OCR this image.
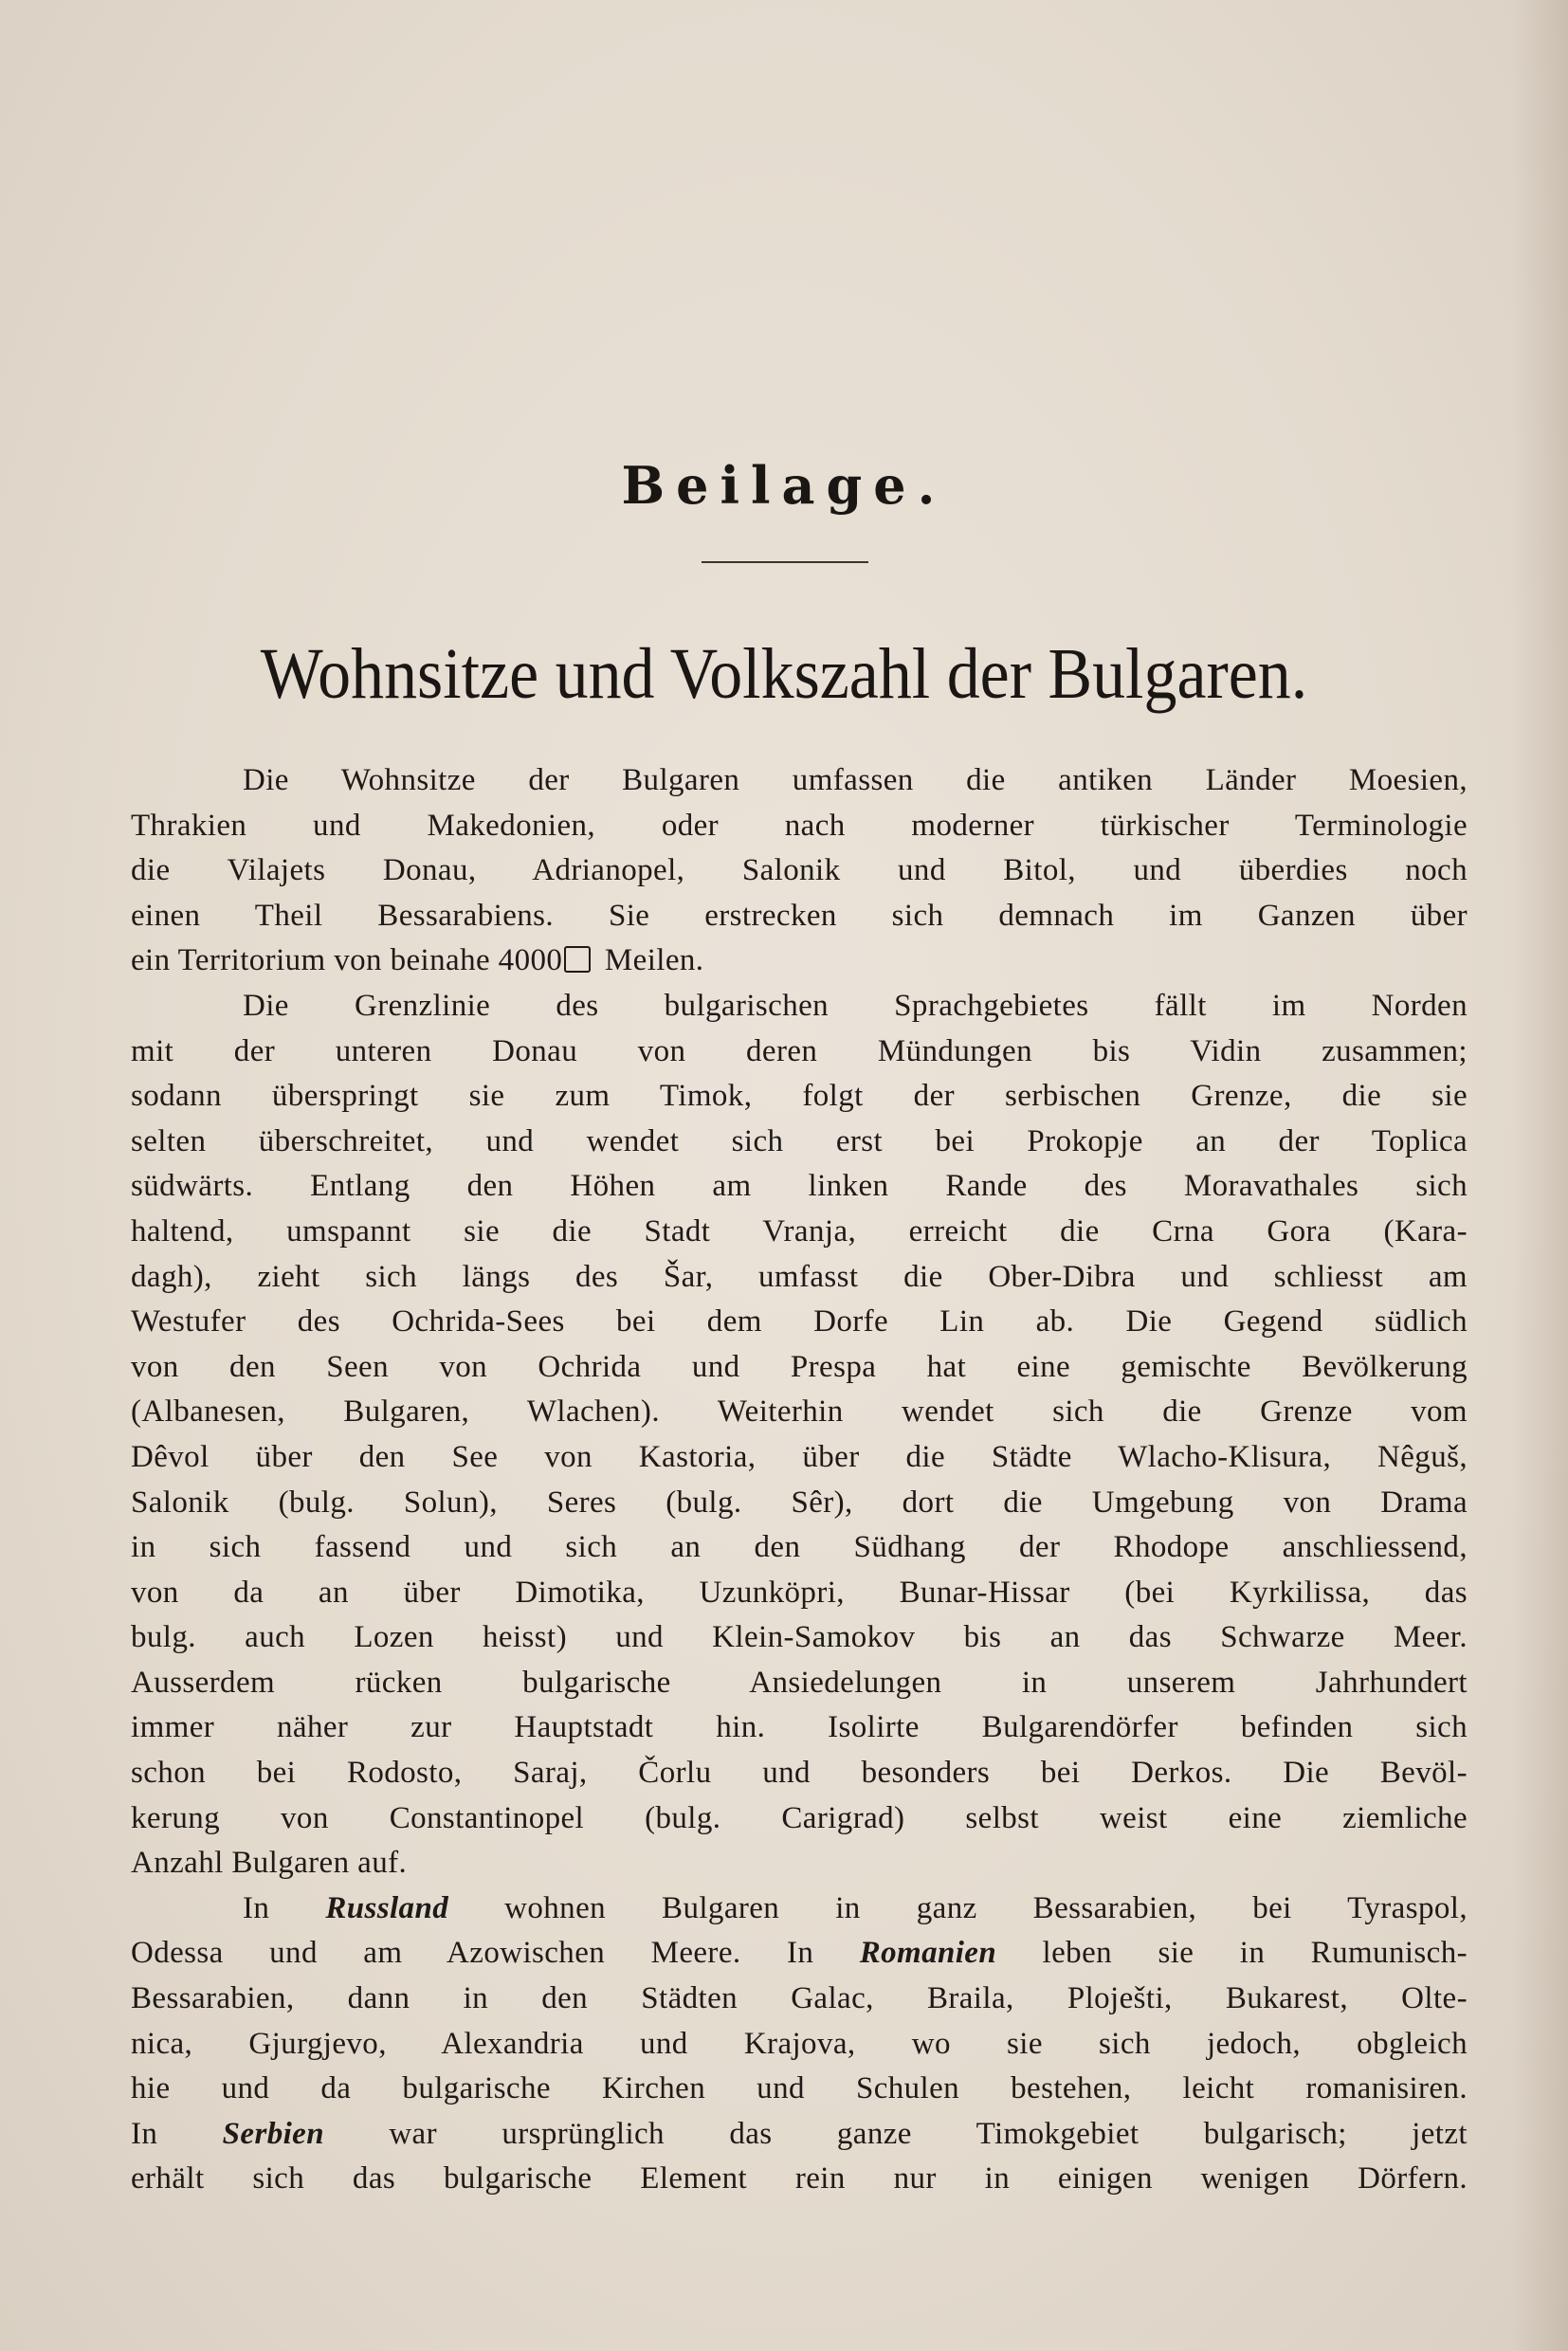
Beilage.
Wohnsitze und Volkszahl der Bulgaren.
Die Wohnsitze der Bulgaren umfassen die antiken Länder Moesien,
Thrakien und Makedonien, oder nach moderner türkischer Terminologie
die Vilajets Donau, Adrianopel, Salonik und Bitol, und überdies noch
einen Theil Bessarabiens. Sie erstrecken sich demnach im Ganzen über
ein Territorium von beinahe 4000 Meilen.
Die Grenzlinie des bulgarischen Sprachgebietes fällt im Norden
mit der unteren Donau von deren Mündungen bis Vidin zusammen;
sodann überspringt sie zum Timok, folgt der serbischen Grenze, die sie
selten überschreitet, und wendet sich erst bei Prokopje an der Toplica
südwärts. Entlang den Höhen am linken Rande des Moravathales sich
haltend, umspannt sie die Stadt Vranja, erreicht die Crna Gora (Kara-
dagh), zieht sich längs des Šar, umfasst die Ober-Dibra und schliesst am
Westufer des Ochrida-Sees bei dem Dorfe Lin ab. Die Gegend südlich
von den Seen von Ochrida und Prespa hat eine gemischte Bevölkerung
(Albanesen, Bulgaren, Wlachen). Weiterhin wendet sich die Grenze vom
Dêvol über den See von Kastoria, über die Städte Wlacho-Klisura, Nêguš,
Salonik (bulg. Solun), Seres (bulg. Sêr), dort die Umgebung von Drama
in sich fassend und sich an den Südhang der Rhodope anschliessend,
von da an über Dimotika, Uzunköpri, Bunar-Hissar (bei Kyrkilissa, das
bulg. auch Lozen heisst) und Klein-Samokov bis an das Schwarze Meer.
Ausserdem rücken bulgarische Ansiedelungen in unserem Jahrhundert
immer näher zur Hauptstadt hin. Isolirte Bulgarendörfer befinden sich
schon bei Rodosto, Saraj, Čorlu und besonders bei Derkos. Die Bevöl-
kerung von Constantinopel (bulg. Carigrad) selbst weist eine ziemliche
Anzahl Bulgaren auf.
In Russland wohnen Bulgaren in ganz Bessarabien, bei Tyraspol,
Odessa und am Azowischen Meere. In Romanien leben sie in Rumunisch-
Bessarabien, dann in den Städten Galac, Braila, Ploješti, Bukarest, Olte-
nica, Gjurgjevo, Alexandria und Krajova, wo sie sich jedoch, obgleich
hie und da bulgarische Kirchen und Schulen bestehen, leicht romanisiren.
In Serbien war ursprünglich das ganze Timokgebiet bulgarisch; jetzt
erhält sich das bulgarische Element rein nur in einigen wenigen Dörfern.
